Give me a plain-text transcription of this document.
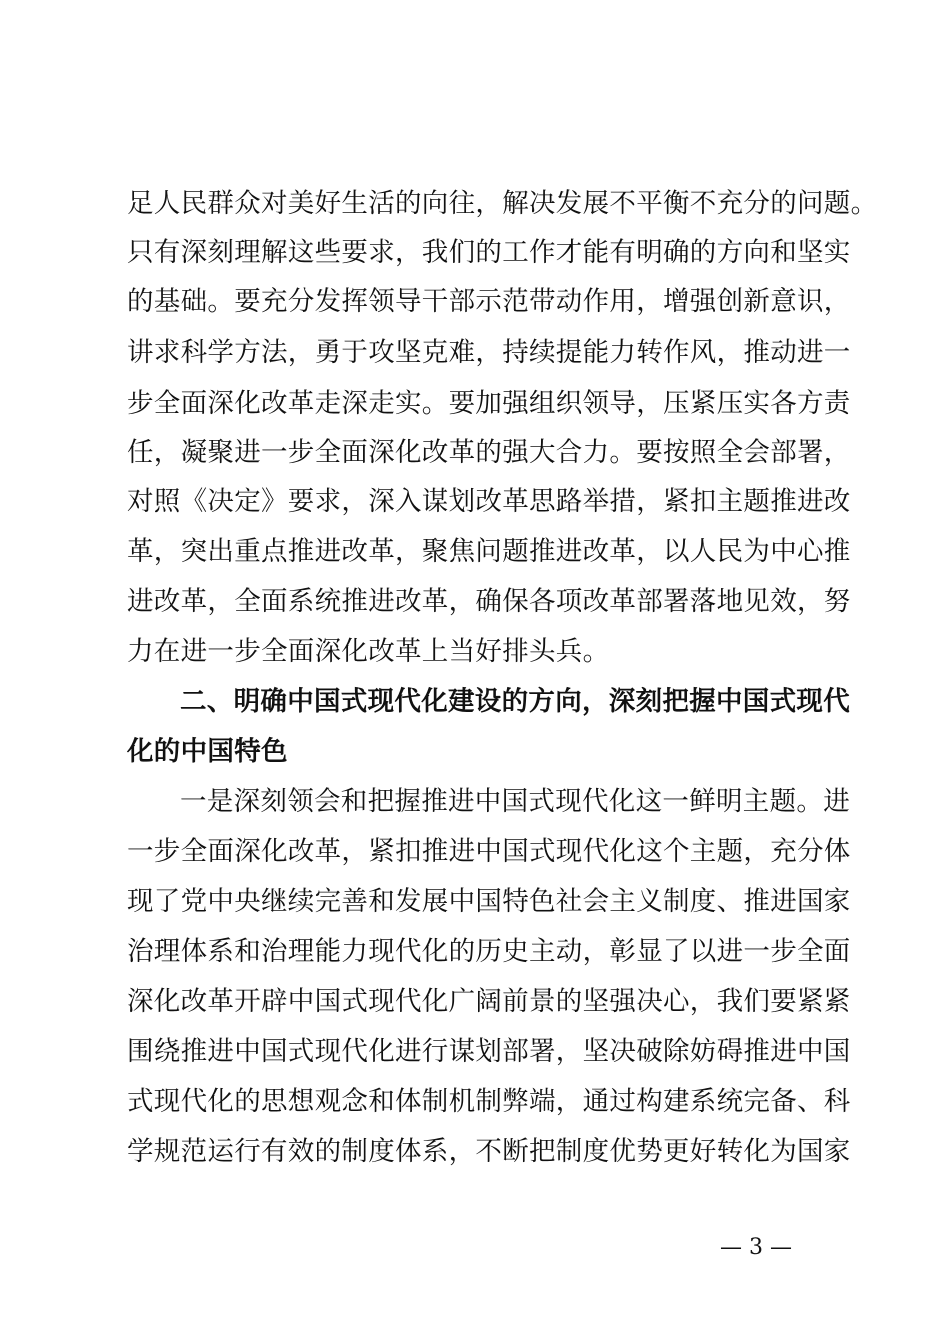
足人民群众对美好生活的向往，解决发展不平衡不充分的问题。
只有深刻理解这些要求，我们的工作才能有明确的方向和坚实
的基础。要充分发挥领导干部示范带动作用，增强创新意识，
讲求科学方法，勇于攻坚克难，持续提能力转作风，推动进一
步全面深化改革走深走实。要加强组织领导，压紧压实各方责
任，凝聚进一步全面深化改革的强大合力。要按照全会部署，
对照《决定》要求，深入谋划改革思路举措，紧扣主题推进改
革，突出重点推进改革，聚焦问题推进改革，以人民为中心推
进改革，全面系统推进改革，确保各项改革部署落地见效，努
力在进一步全面深化改革上当好排头兵。
二、明确中国式现代化建设的方向，深刻把握中国式现代
化的中国特色
一是深刻领会和把握推进中国式现代化这一鲜明主题。进
一步全面深化改革，紧扣推进中国式现代化这个主题，充分体
现了党中央继续完善和发展中国特色社会主义制度、推进国家
治理体系和治理能力现代化的历史主动，彰显了以进一步全面
深化改革开辟中国式现代化广阔前景的坚强决心，我们要紧紧
围绕推进中国式现代化进行谋划部署，坚决破除妨碍推进中国
式现代化的思想观念和体制机制弊端，通过构建系统完备、科
学规范运行有效的制度体系，不断把制度优势更好转化为国家
— 3 —
